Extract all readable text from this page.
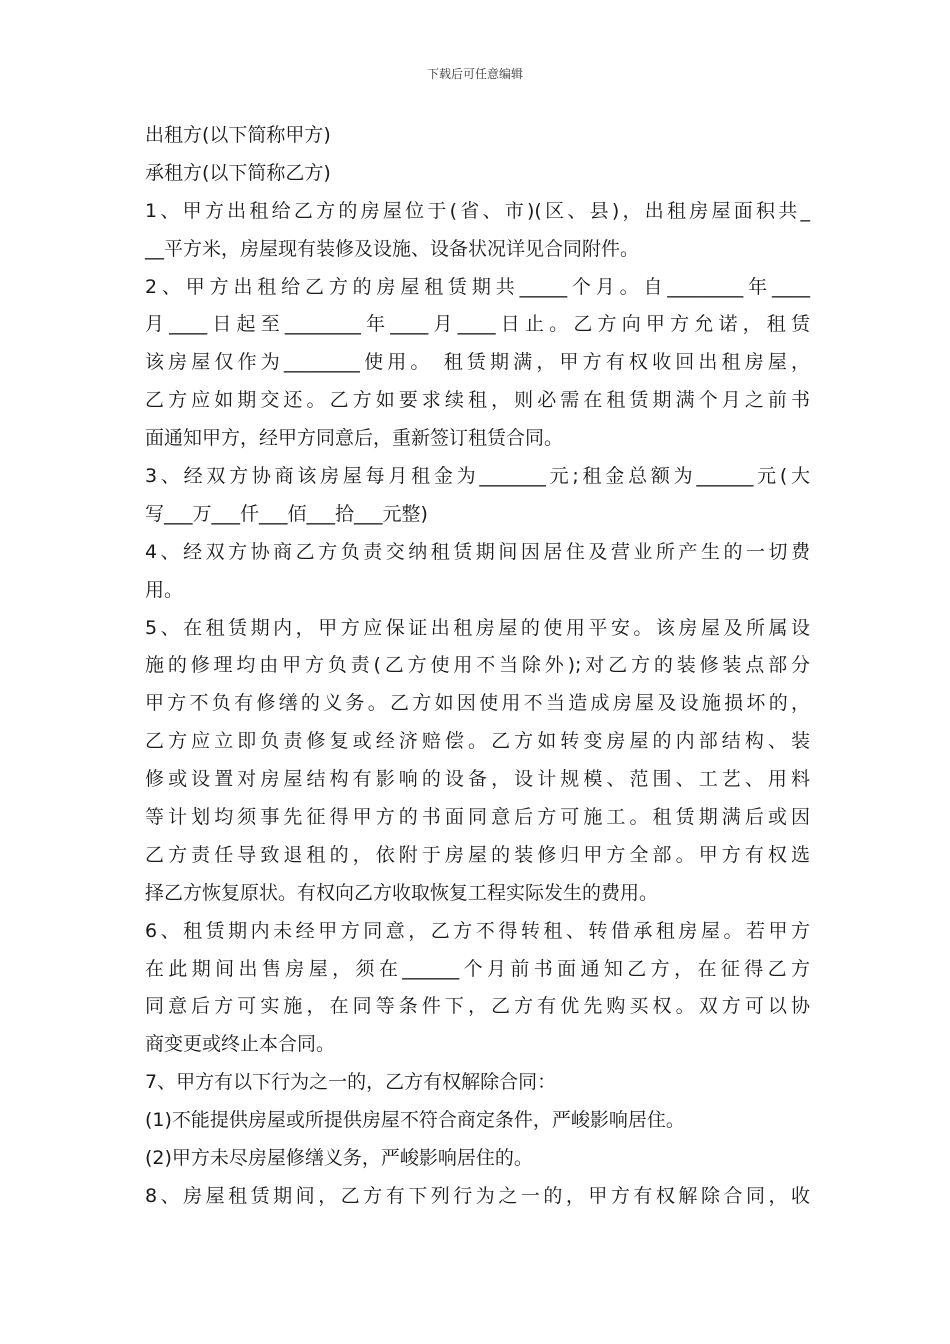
下载后可任意编辑
出租方(以下简称甲方)
承租方(以下简称乙方)
1、甲方出租给乙方的房屋位于(省、市)(区、县)，出租房屋面积共_
__平方米，房屋现有装修及设施、设备状况详见合同附件。
2、甲方出租给乙方的房屋租赁期共_____个月。自________年____
月____日起至________年____月____日止。乙方向甲方允诺，租赁
该房屋仅作为________使用。 租赁期满，甲方有权收回出租房屋，
乙方应如期交还。乙方如要求续租，则必需在租赁期满个月之前书
面通知甲方，经甲方同意后，重新签订租赁合同。
3、经双方协商该房屋每月租金为_______元;租金总额为______元(大
写___万___仟___佰___拾___元整)
4、经双方协商乙方负责交纳租赁期间因居住及营业所产生的一切费
用。
5、在租赁期内，甲方应保证出租房屋的使用平安。该房屋及所属设
施的修理均由甲方负责(乙方使用不当除外);对乙方的装修装点部分
甲方不负有修缮的义务。乙方如因使用不当造成房屋及设施损坏的，
乙方应立即负责修复或经济赔偿。乙方如转变房屋的内部结构、装
修或设置对房屋结构有影响的设备，设计规模、范围、工艺、用料
等计划均须事先征得甲方的书面同意后方可施工。租赁期满后或因
乙方责任导致退租的，依附于房屋的装修归甲方全部。甲方有权选
择乙方恢复原状。有权向乙方收取恢复工程实际发生的费用。
6、租赁期内未经甲方同意，乙方不得转租、转借承租房屋。若甲方
在此期间出售房屋，须在______个月前书面通知乙方，在征得乙方
同意后方可实施，在同等条件下，乙方有优先购买权。双方可以协
商变更或终止本合同。
7、甲方有以下行为之一的，乙方有权解除合同：
(1)不能提供房屋或所提供房屋不符合商定条件，严峻影响居住。
(2)甲方未尽房屋修缮义务，严峻影响居住的。
8、房屋租赁期间，乙方有下列行为之一的，甲方有权解除合同，收
